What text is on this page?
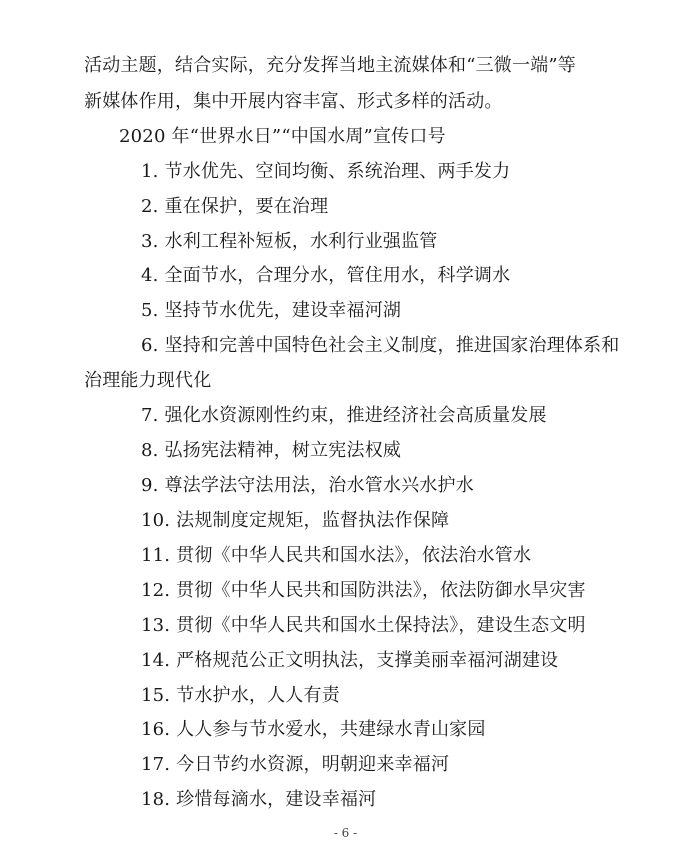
活动主题，结合实际，充分发挥当地主流媒体和“三微一端”等
新媒体作用，集中开展内容丰富、形式多样的活动。
2020 年“世界水日”“中国水周”宣传口号
1. 节水优先、空间均衡、系统治理、两手发力
2. 重在保护，要在治理
3. 水利工程补短板，水利行业强监管
4. 全面节水，合理分水，管住用水，科学调水
5. 坚持节水优先，建设幸福河湖
6. 坚持和完善中国特色社会主义制度，推进国家治理体系和
治理能力现代化
7. 强化水资源刚性约束，推进经济社会高质量发展
8. 弘扬宪法精神，树立宪法权威
9. 尊法学法守法用法，治水管水兴水护水
10. 法规制度定规矩，监督执法作保障
11. 贯彻《中华人民共和国水法》，依法治水管水
12. 贯彻《中华人民共和国防洪法》，依法防御水旱灾害
13. 贯彻《中华人民共和国水土保持法》，建设生态文明
14. 严格规范公正文明执法，支撑美丽幸福河湖建设
15. 节水护水，人人有责
16. 人人参与节水爱水，共建绿水青山家园
17. 今日节约水资源，明朝迎来幸福河
18. 珍惜每滴水，建设幸福河
- 6 -
